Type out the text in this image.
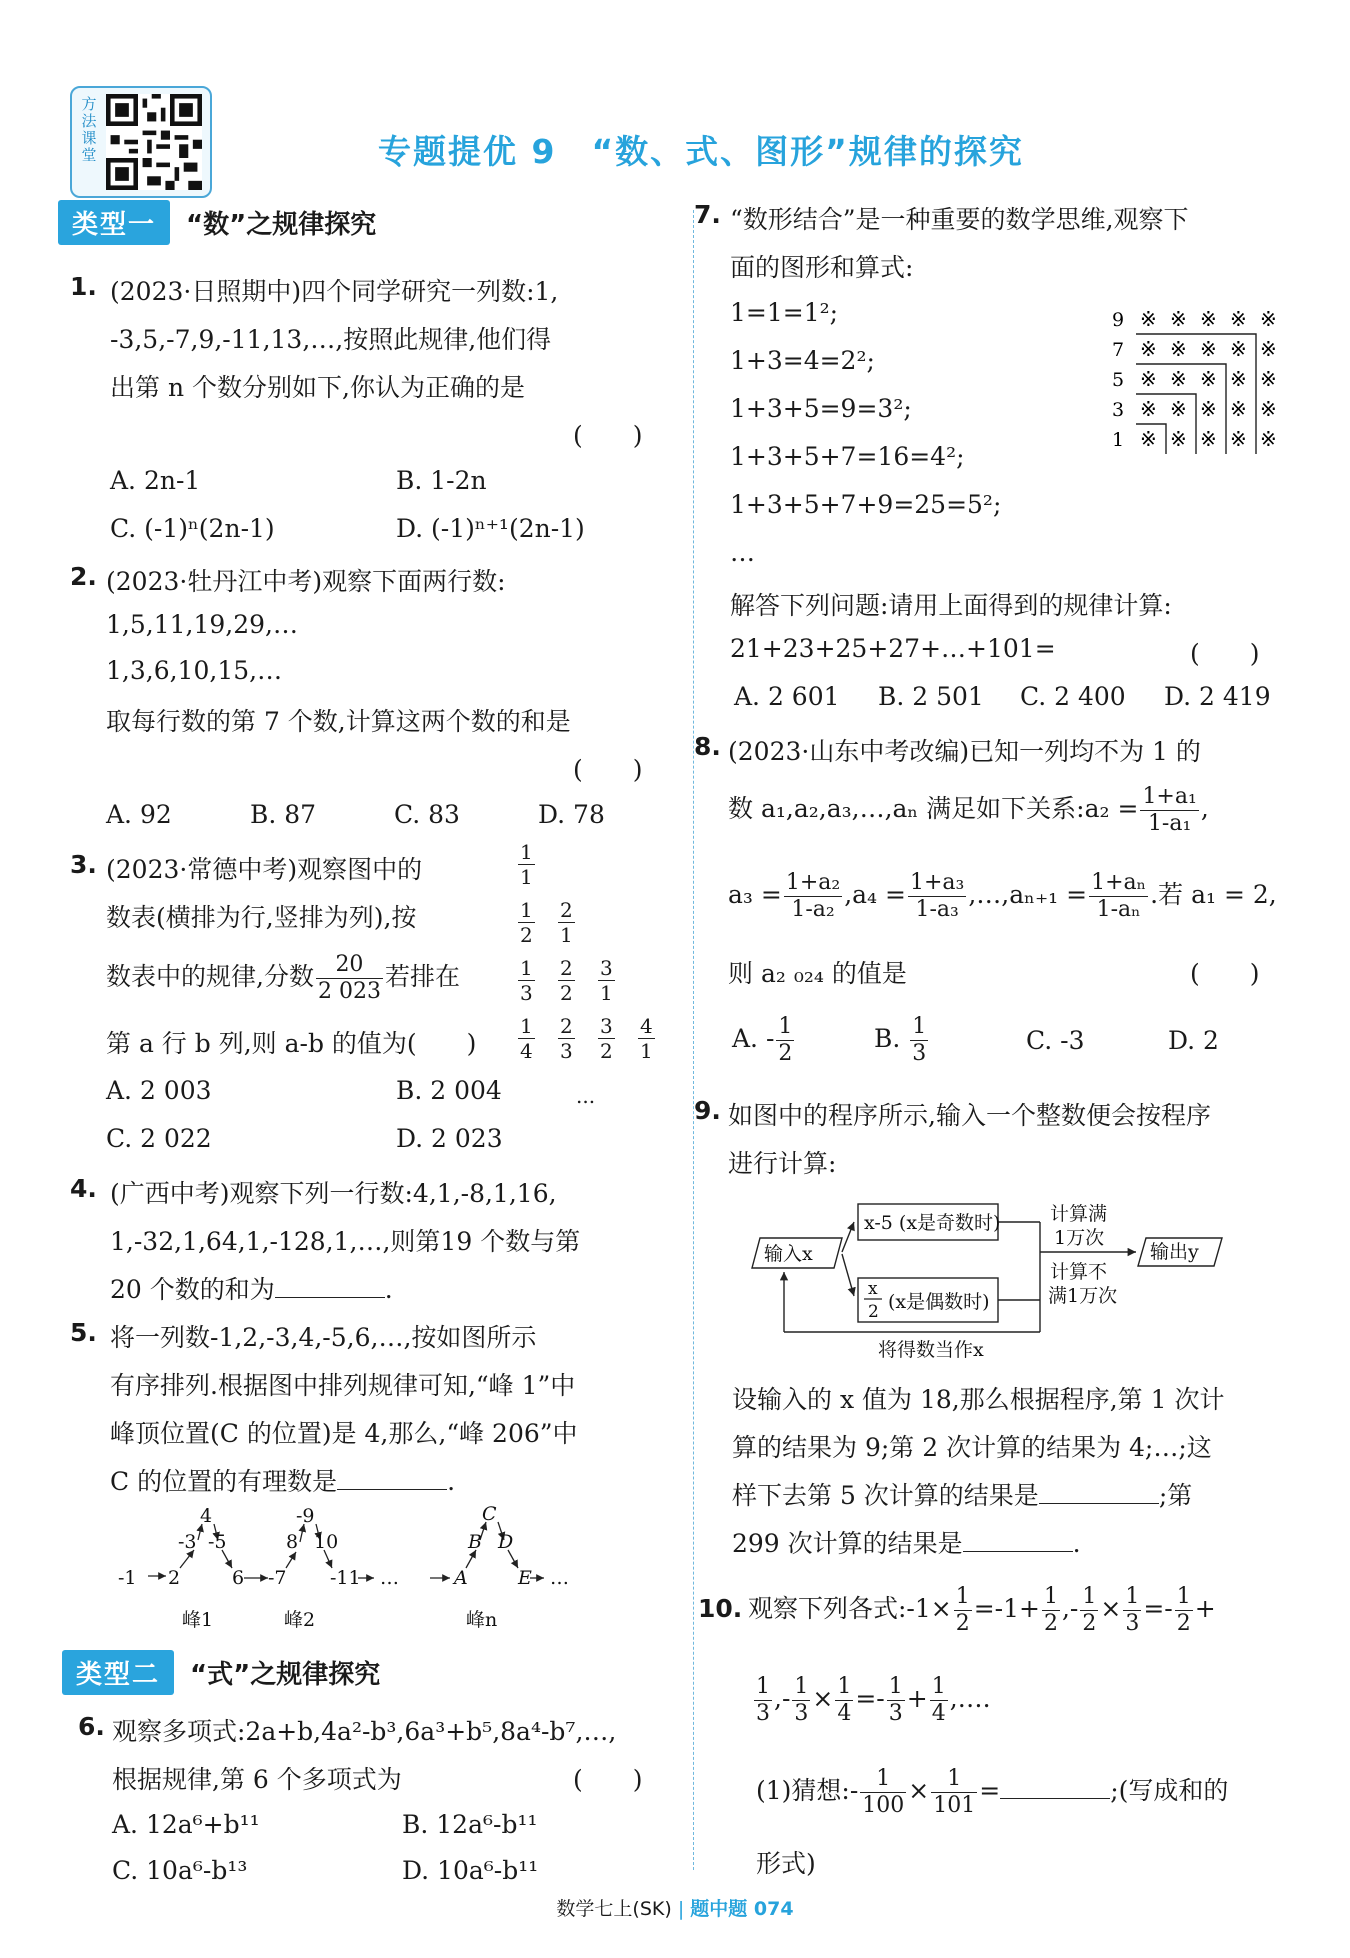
方法课堂	专题提优 9　“数、式、图形”规律的探究
类型一	“数”之规律探究
1. (2023·日照期中)四个同学研究一列数:1,
-3,5,-7,9,-11,13,…,按照此规律,他们得
出第 n 个数分别如下,你认为正确的是
(　　)
A. 2n-1	B. 1-2n
C. (-1)ⁿ(2n-1)	D. (-1)ⁿ⁺¹(2n-1)
2. (2023·牡丹江中考)观察下面两行数:
1,5,11,19,29,…
1,3,6,10,15,…
取每行数的第 7 个数,计算这两个数的和是
(　　)
A. 92	B. 87	C. 83	D. 78
3. (2023·常德中考)观察图中的
数表(横排为行,竖排为列),按
数表中的规律,分数 $\frac{20}{2 023}$ 若排在
第 a 行 b 列,则 a-b 的值为(　　)
A. 2 003	B. 2 004
C. 2 022	D. 2 023
$\frac{1}{1}$
$\frac{1}{2} \frac{2}{1}$
$\frac{1}{3} \frac{2}{2} \frac{3}{1}$
$\frac{1}{4} \frac{2}{3} \frac{3}{2} \frac{4}{1}$
...
4. (广西中考)观察下列一行数:4,1,-8,1,16,
1,-32,1,64,1,-128,1,…,则第19 个数与第
20 个数的和为	.
5. 将一列数-1,2,-3,4,-5,6,…,按如图所示
有序排列.根据图中排列规律可知,“峰 1”中
峰顶位置(C 的位置)是 4,那么,“峰 206”中
C 的位置的有理数是	.
-1 2
-3
4
-5
6 -7
8
-9
10
-11 …	A
B
C
D
E …
峰1	峰2	峰n
类型二	“式”之规律探究
6. 观察多项式:2a+b,4a²-b³,6a³+b⁵,8a⁴-b⁷,…,
根据规律,第 6 个多项式为	(　　)
A. 12a⁶+b¹¹	B. 12a⁶-b¹¹
C. 10a⁶-b¹³	D. 10a⁶-b¹¹
7. “数形结合”是一种重要的数学思维,观察下
面的图形和算式:
1=1=1²;
1+3=4=2²;
1+3+5=9=3²;
1+3+5+7=16=4²;
1+3+5+7+9=25=5²;
…
解答下列问题:请用上面得到的规律计算:
21+23+25+27+…+101=	(　　)
A. 2 601 B. 2 501 C. 2 400 D. 2 419
9 ※ ※ ※ ※ ※
7 ※ ※ ※ ※ ※
5 ※ ※ ※ ※ ※
3 ※ ※ ※ ※ ※
1 ※ ※ ※ ※ ※
8. (2023·山东中考改编)已知一列均不为 1 的
数 a₁,a₂,a₃,…,aₙ 满足如下关系:a₂ = $\frac{\text{1+a₁}}{\text{1-a₁}}$ ,
$a_3 = \frac{\text{1+a₂}}{\text{1-a₂}} ,a_4 = \frac{\text{1+a₃}}{\text{1-a₃}}$ ,…,aₙ₊₁ = $\frac{\text{1+aₙ}}{\text{1-aₙ}}$ .若 a₁ = 2,
则 a₂ ₀₂₄ 的值是	(　　)
A. - $\frac{1}{2}$	B. $\frac{1}{3}$	C. -3	D. 2
9. 如图中的程序所示,输入一个整数便会按程序
进行计算:
输入x
x-5 (x是奇数时)
x
2 (x是偶数时)
计算满
1万次
计算不
满1万次
输出y
将得数当作x
设输入的 x 值为 18,那么根据程序,第 1 次计
算的结果为 9;第 2 次计算的结果为 4;…;这
样下去第 5 次计算的结果是	;第
299 次计算的结果是	.
10. 观察下列各式:-1× $\frac{1}{2} =-1+ \frac{1}{2}$ ,- $\frac{1}{2} \times \frac{1}{3} =- \frac{1}{2}$ +
$\frac{1}{3}$ ,- $\frac{1}{3} \times \frac{1}{4} =- \frac{1}{3} + \frac{1}{4}$ ,….
(1)猜想:- $\frac{1}{100} \times \frac{1}{101}$ =	;(写成和的
形式)
数学七上(SK) | 题中题 074
